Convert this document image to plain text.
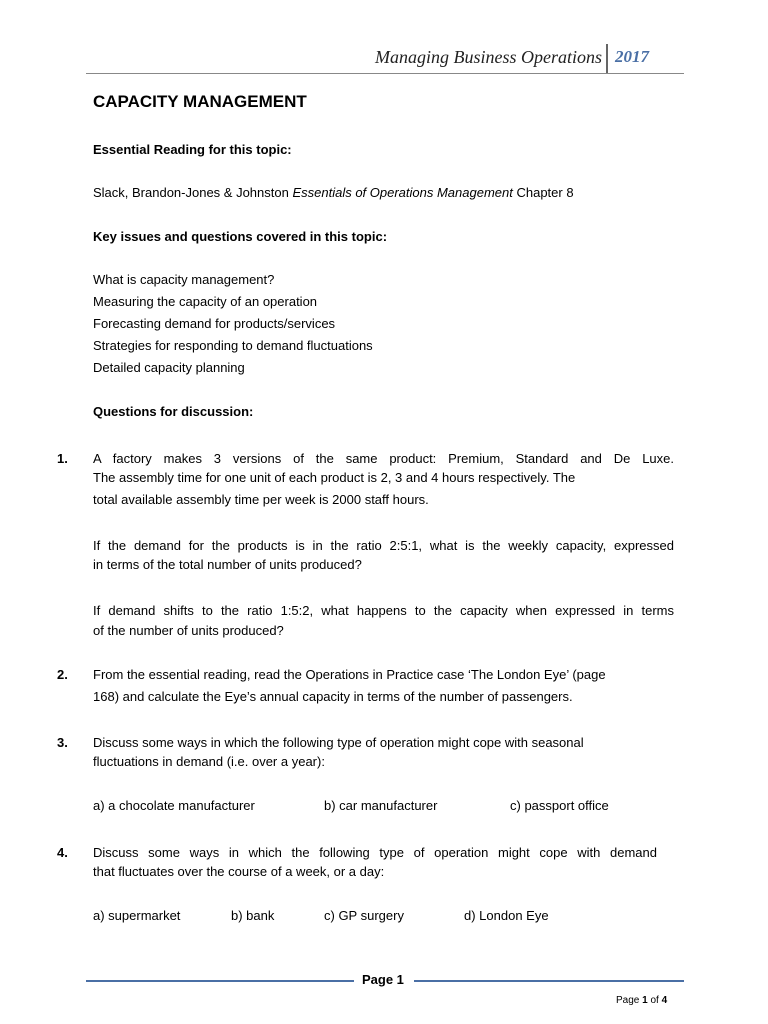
Managing Business Operations 2017
CAPACITY MANAGEMENT
Essential Reading for this topic:
Slack, Brandon-Jones & Johnston Essentials of Operations Management Chapter 8
Key issues and questions covered in this topic:
What is capacity management?
Measuring the capacity of an operation
Forecasting demand for products/services
Strategies for responding to demand fluctuations
Detailed capacity planning
Questions for discussion:
1. A factory makes 3 versions of the same product: Premium, Standard and De Luxe.
The assembly time for one unit of each product is 2, 3 and 4 hours respectively. The
total available assembly time per week is 2000 staff hours.
If the demand for the products is in the ratio 2:5:1, what is the weekly capacity, expressed
in terms of the total number of units produced?
If demand shifts to the ratio 1:5:2, what happens to the capacity when expressed in terms
of the number of units produced?
2. From the essential reading, read the Operations in Practice case ‘The London Eye’ (page
168) and calculate the Eye’s annual capacity in terms of the number of passengers.
3. Discuss some ways in which the following type of operation might cope with seasonal
fluctuations in demand (i.e. over a year):
a) a chocolate manufacturer	b) car manufacturer	c) passport office
4. Discuss some ways in which the following type of operation might cope with demand
that fluctuates over the course of a week, or a day:
a) supermarket	b) bank	c) GP surgery	d) London Eye
Page 1
Page 1 of 4
